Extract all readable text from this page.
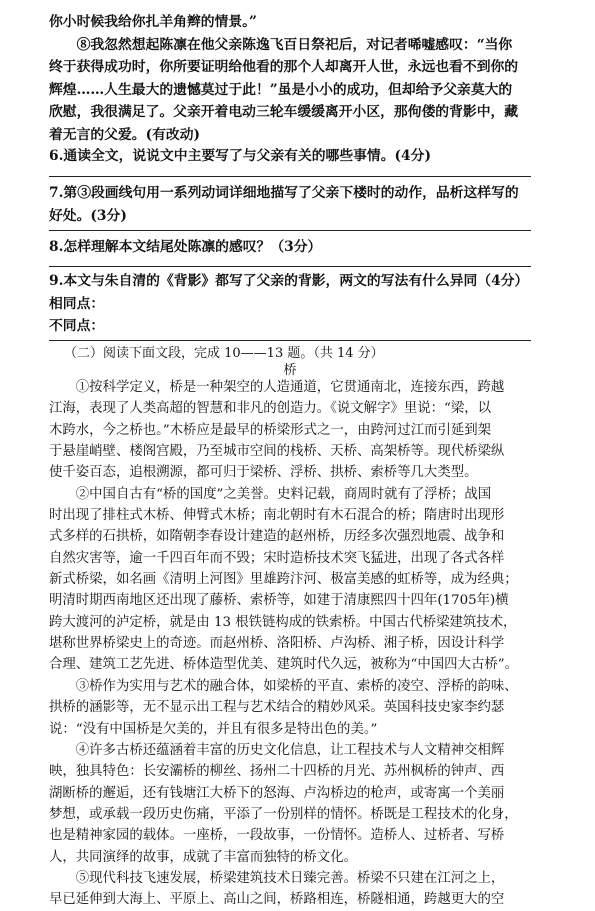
你小时候我给你扎羊角辫的情景。”
　　⑧我忽然想起陈凛在他父亲陈逸飞百日祭祀后，对记者唏嘘感叹：“当你
终于获得成功时，你所要证明给他看的那个人却离开人世，永远也看不到你的
辉煌……人生最大的遗憾莫过于此！”虽是小小的成功，但却给予父亲莫大的
欣慰，我很满足了。父亲开着电动三轮车缓缓离开小区，那佝偻的背影中，藏
着无言的父爱。(有改动)
6.通读全文，说说文中主要写了与父亲有关的哪些事情。(4分)
7.第③段画线句用一系列动词详细地描写了父亲下楼时的动作，品析这样写的
好处。(3分)
8.怎样理解本文结尾处陈凛的感叹？（3分）
9.本文与朱自清的《背影》都写了父亲的背影，两文的写法有什么异同（4分）
相同点：
不同点：
（二）阅读下面文段，完成 10——13 题。（共 14 分）
桥
　　①按科学定义，桥是一种架空的人造通道，它贯通南北，连接东西，跨越
江海，表现了人类高超的智慧和非凡的创造力。《说文解字》里说：“梁，以
木跨水，今之桥也。”木桥应是最早的桥梁形式之一，由跨河过江而引延到架
于悬崖峭壁、楼阁宫殿，乃至城市空间的栈桥、天桥、高架桥等。现代桥梁纵
使千姿百态，追根溯源，都可归于梁桥、浮桥、拱桥、索桥等几大类型。
　　②中国自古有“桥的国度”之美誉。史料记载，商周时就有了浮桥；战国
时出现了排柱式木桥、伸臂式木桥；南北朝时有木石混合的桥；隋唐时出现形
式多样的石拱桥，如隋朝李春设计建造的赵州桥，历经多次强烈地震、战争和
自然灾害等，逾一千四百年而不毁；宋时造桥技术突飞猛进，出现了各式各样
新式桥梁，如名画《清明上河图》里雄跨汴河、极富美感的虹桥等，成为经典；
明清时期西南地区还出现了藤桥、索桥等，如建于清康熙四十四年(1705年)横
跨大渡河的泸定桥，就是由 13 根铁链构成的铁索桥。中国古代桥梁建筑技术，
堪称世界桥梁史上的奇迹。而赵州桥、洛阳桥、卢沟桥、湘子桥，因设计科学
合理、建筑工艺先进、桥体造型优美、建筑时代久远，被称为“中国四大古桥”。
　　③桥作为实用与艺术的融合体，如梁桥的平直、索桥的凌空、浮桥的韵味、
拱桥的涵影等，无不显示出工程与艺术结合的精妙风采。英国科技史家李约瑟
说：“没有中国桥是欠美的，并且有很多是特出色的美。”
　　④许多古桥还蕴涵着丰富的历史文化信息，让工程技术与人文精神交相辉
映，独具特色：长安灞桥的柳丝、扬州二十四桥的月光、苏州枫桥的钟声、西
湖断桥的邂逅，还有钱塘江大桥下的怒海、卢沟桥边的枪声，或寄寓一个美丽
梦想，或承载一段历史伤痛，平添了一份别样的情怀。桥既是工程技术的化身，
也是精神家园的载体。一座桥，一段故事，一份情怀。造桥人、过桥者、写桥
人，共同演绎的故事，成就了丰富而独特的桥文化。
　　⑤现代科技飞速发展，桥梁建筑技术日臻完善。桥梁不只建在江河之上，
早已延伸到大海上、平原上、高山之间，桥路相连，桥隧相通，跨越更大的空
